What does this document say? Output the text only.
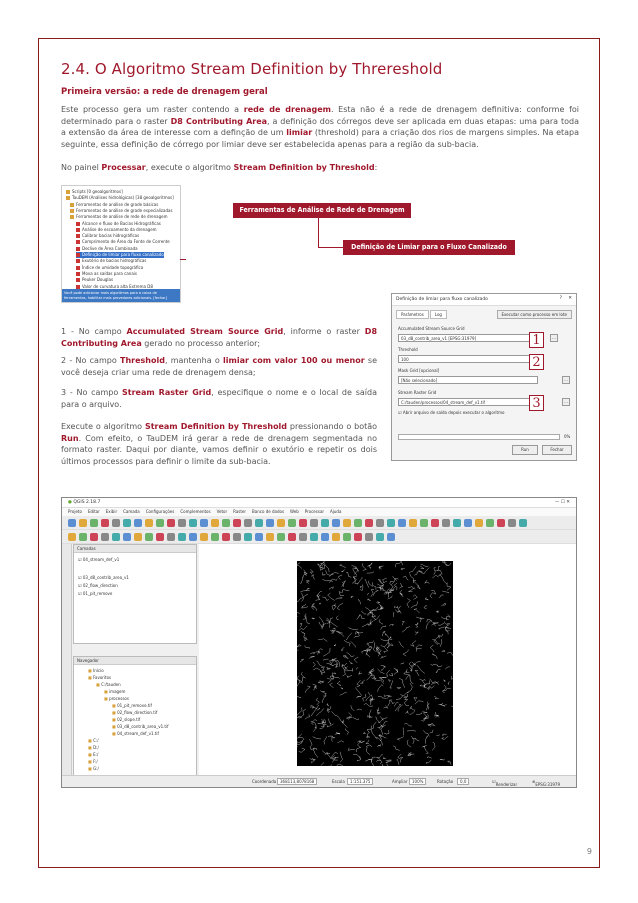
2.4. O Algoritmo Stream Definition by Threreshold
Primeira versão: a rede de drenagem geral

Este processo gera um raster contendo a rede de drenagem. Esta não é a rede de drenagem definitiva: conforme foi determinado para o raster D8 Contributing Area, a definição dos córregos deve ser aplicada em duas etapas: uma para toda a extensão da área de interesse com a definção de um limiar (threshold) para a criação dos rios de margens simples. Na etapa seguinte, essa definição de córrego por limiar deve ser estabelecida apenas para a região da sub-bacia.

No painel Processar, execute o algoritmo Stream Definition by Threshold:

Scripts [0 geoalgoritmos]
TauDEM (Análises hidrológicas) [38 geoalgoritmos]
Ferramentas de análise de grade básicas
Ferramentas de análise de grade especializadas
Ferramentas de análise de rede de drenagem
Alcance e fluxo de Bacias Hidrográficas
Análise de escoamento da drenagem
Calibrar bacias hidrográficas
Comprimento de Área da Fonte de Corrente
Declive de Área Combinada
Definição de limiar para fluxo canalizado
Exutório de bacias hidrográficas
Índice de umidade topográfica
Mova as saídas para canais
Peuker Douglas
Valor de curvatura alta Extrema D8
Você pode adicionar mais algoritmos para a caixa de ferramentas, habilitar mais provedores adicionais. [fechar]
Ferramentas de Análise de Rede de Drenagem
Definição de Limiar para o Fluxo Canalizado

1 - No campo Accumulated Stream Source Grid, informe o raster D8 Contributing Area gerado no processo anterior;

2 - No campo Threshold, mantenha o limiar com valor 100 ou menor se você deseja criar uma rede de drenagem densa;

3 - No campo Stream Raster Grid, especifique o nome e o local de saída para o arquivo.

Execute o algoritmo Stream Definition by Threshold pressionando o botão Run. Com efeito, o TauDEM irá gerar a rede de drenagem segmentada no formato raster. Daqui por diante, vamos definir o exutório e repetir os dois últimos processos para definir o limite da sub-bacia.

Definição de limiar para fluxo canalizado	? ✕
Parâmetros	Log	Executar como processo em lote
Accumulated Stream Source Grid
03_d8_contrib_area_v1 [EPSG:31979]	…
Threshold
100
Mask Grid [opcional]
[Não selecionado]	…
Stream Raster Grid
C:/tauden/processos/04_stream_def_v1.tif	…
☑ Abrir arquivo de saída depois executar o algoritmo
0%
Run	Fechar
1
2
3
● QGIS 2.18.7	— ☐ ✕
Projeto Editar Exibir Camada Configurações Complementos Vetor Raster Banco de dados Web Processar Ajuda
Camadas
☑ 04_stream_def_v1
☑ 03_d8_contrib_area_v1
☑ 02_flow_direction
☑ 01_pit_remove
Navegador
■ Início
■ Favoritos
■ C:/tauden
■ imagem
■ processos
■ 01_pit_remove.tif
■ 02_flow_direction.tif
■ 02_slope.tif
■ 03_d8_contrib_area_v1.tif
■ 04_stream_def_v1.tif
■ C:/
■ D:/
■ E:/
■ F:/
■ G:/
Coordenada 368113,8078168	Escala	1:151.375	Ampliar	100%	Rotação	0,0	☑
Renderizar
⊕
EPSG:31979
9
